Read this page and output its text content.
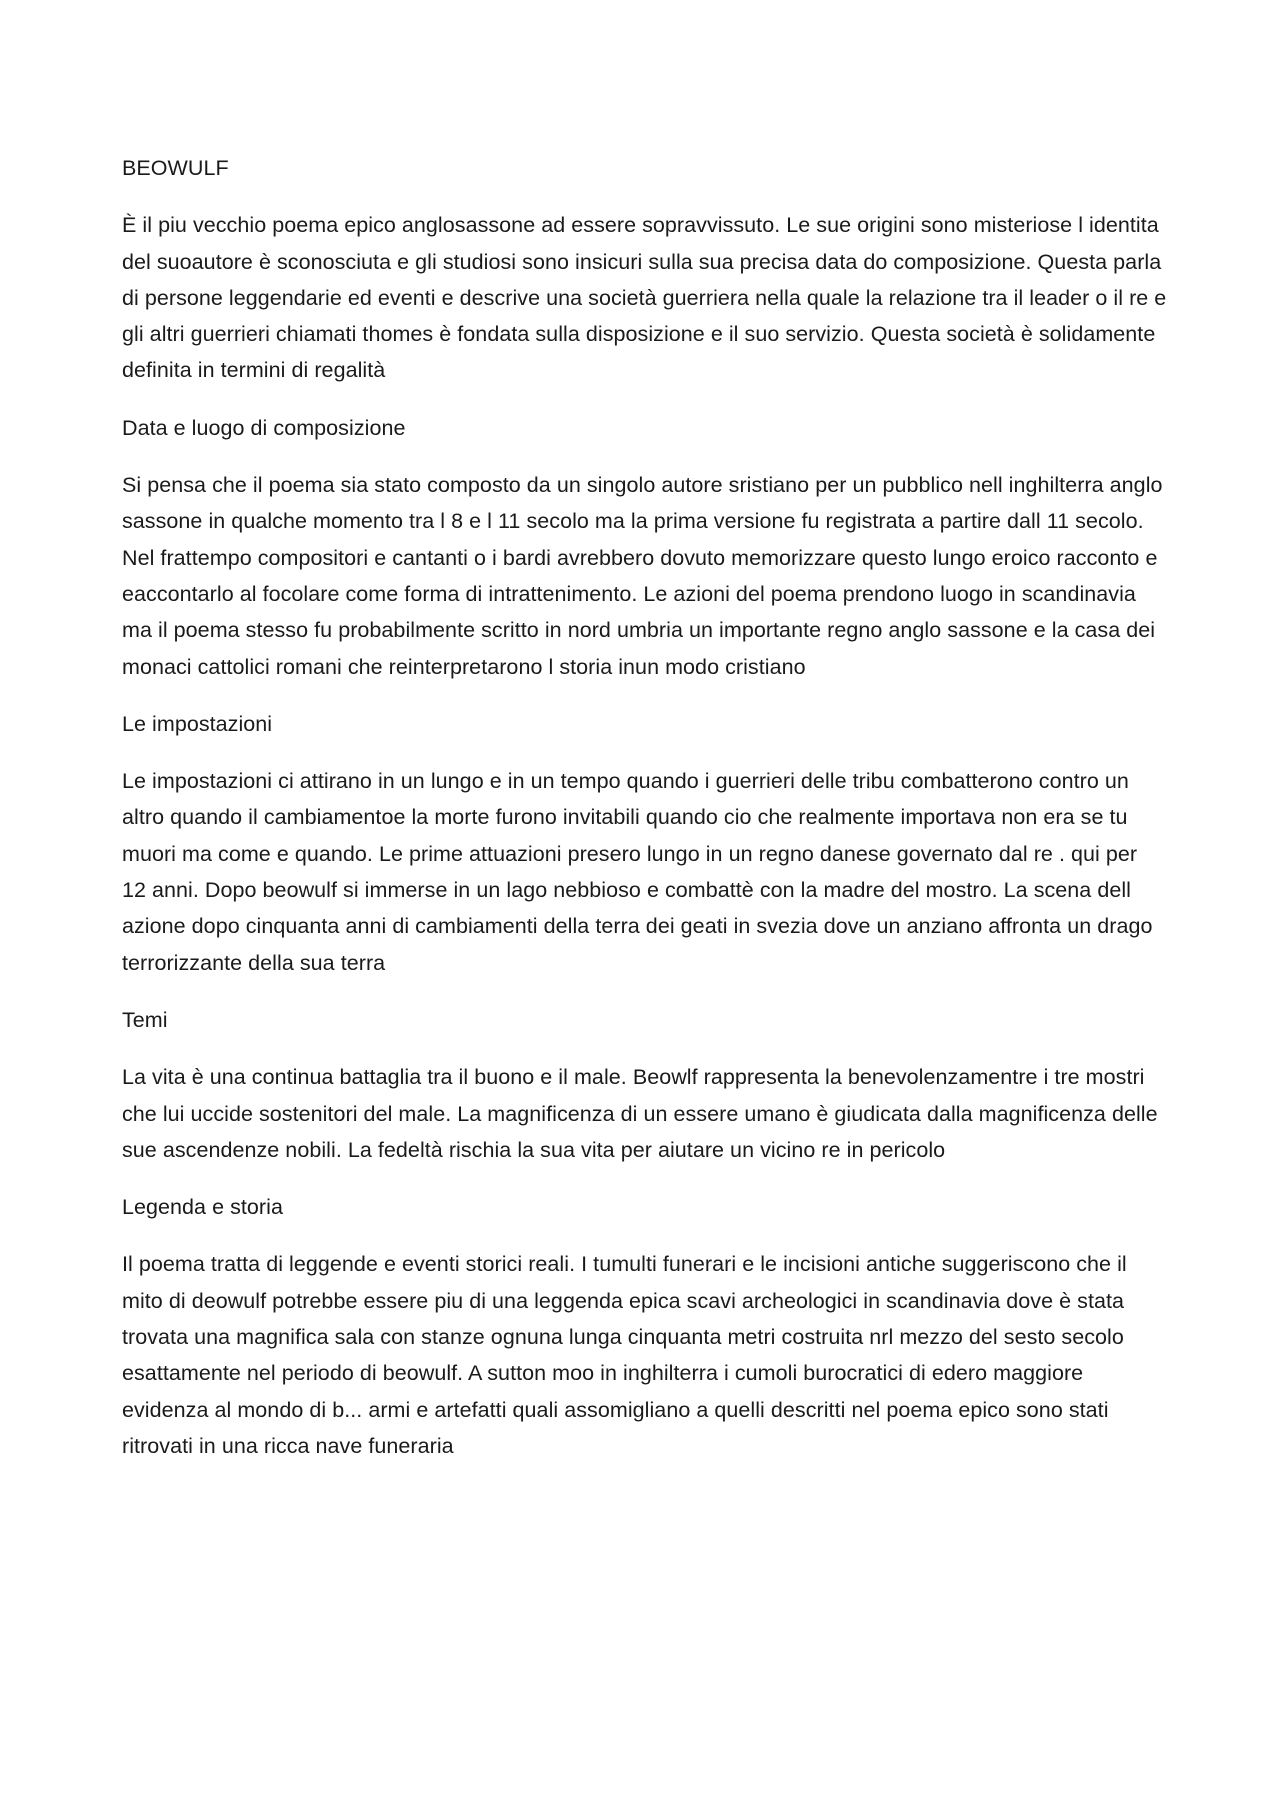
BEOWULF

È il piu vecchio poema epico anglosassone ad essere sopravvissuto. Le sue origini sono misteriose l identita del suoautore è sconosciuta e gli studiosi sono insicuri sulla sua precisa data do composizione. Questa parla di persone leggendarie ed eventi e descrive una società guerriera nella quale la relazione tra il leader o il re e gli altri guerrieri chiamati thomes è fondata sulla disposizione e il suo servizio. Questa società è solidamente definita in termini di regalità

Data e luogo di composizione

Si pensa che il poema sia stato composto da un singolo autore sristiano per un pubblico nell inghilterra anglo sassone in qualche momento tra l 8 e l 11 secolo ma la prima versione fu registrata a partire dall 11 secolo. Nel frattempo compositori e cantanti o i bardi avrebbero dovuto memorizzare questo lungo eroico racconto e eaccontarlo al focolare come forma di intrattenimento. Le azioni del poema prendono luogo in scandinavia ma il poema stesso fu probabilmente scritto in nord umbria un importante regno anglo sassone e la casa dei monaci cattolici romani che reinterpretarono l storia inun modo cristiano

Le impostazioni

Le impostazioni ci attirano in un lungo e in un tempo quando i guerrieri delle tribu combatterono contro un altro quando il cambiamentoe la morte furono invitabili quando cio che realmente importava non era se tu muori ma come e quando. Le prime attuazioni presero lungo in un regno danese governato dal re . qui per 12 anni. Dopo beowulf si immerse in un lago nebbioso e combattè con la madre del mostro. La scena dell azione dopo cinquanta anni di cambiamenti della terra dei geati in svezia dove un anziano affronta un drago terrorizzante della sua terra

Temi

La vita è una continua battaglia tra il buono e il male. Beowlf rappresenta la benevolenzamentre i tre mostri che lui uccide sostenitori del male. La magnificenza di un essere umano è giudicata dalla magnificenza delle sue ascendenze nobili. La fedeltà rischia la sua vita per aiutare un vicino re in pericolo

Legenda e storia

Il poema tratta di leggende e eventi storici reali. I tumulti funerari e le incisioni antiche suggeriscono che il mito di deowulf potrebbe essere piu di una leggenda epica scavi archeologici in scandinavia dove è stata trovata una magnifica sala con stanze ognuna lunga cinquanta metri costruita nrl mezzo del sesto secolo esattamente nel periodo di beowulf. A sutton moo in inghilterra i cumoli burocratici di edero maggiore evidenza al mondo di b... armi e artefatti quali assomigliano a quelli descritti nel poema epico sono stati ritrovati in una ricca nave funeraria
